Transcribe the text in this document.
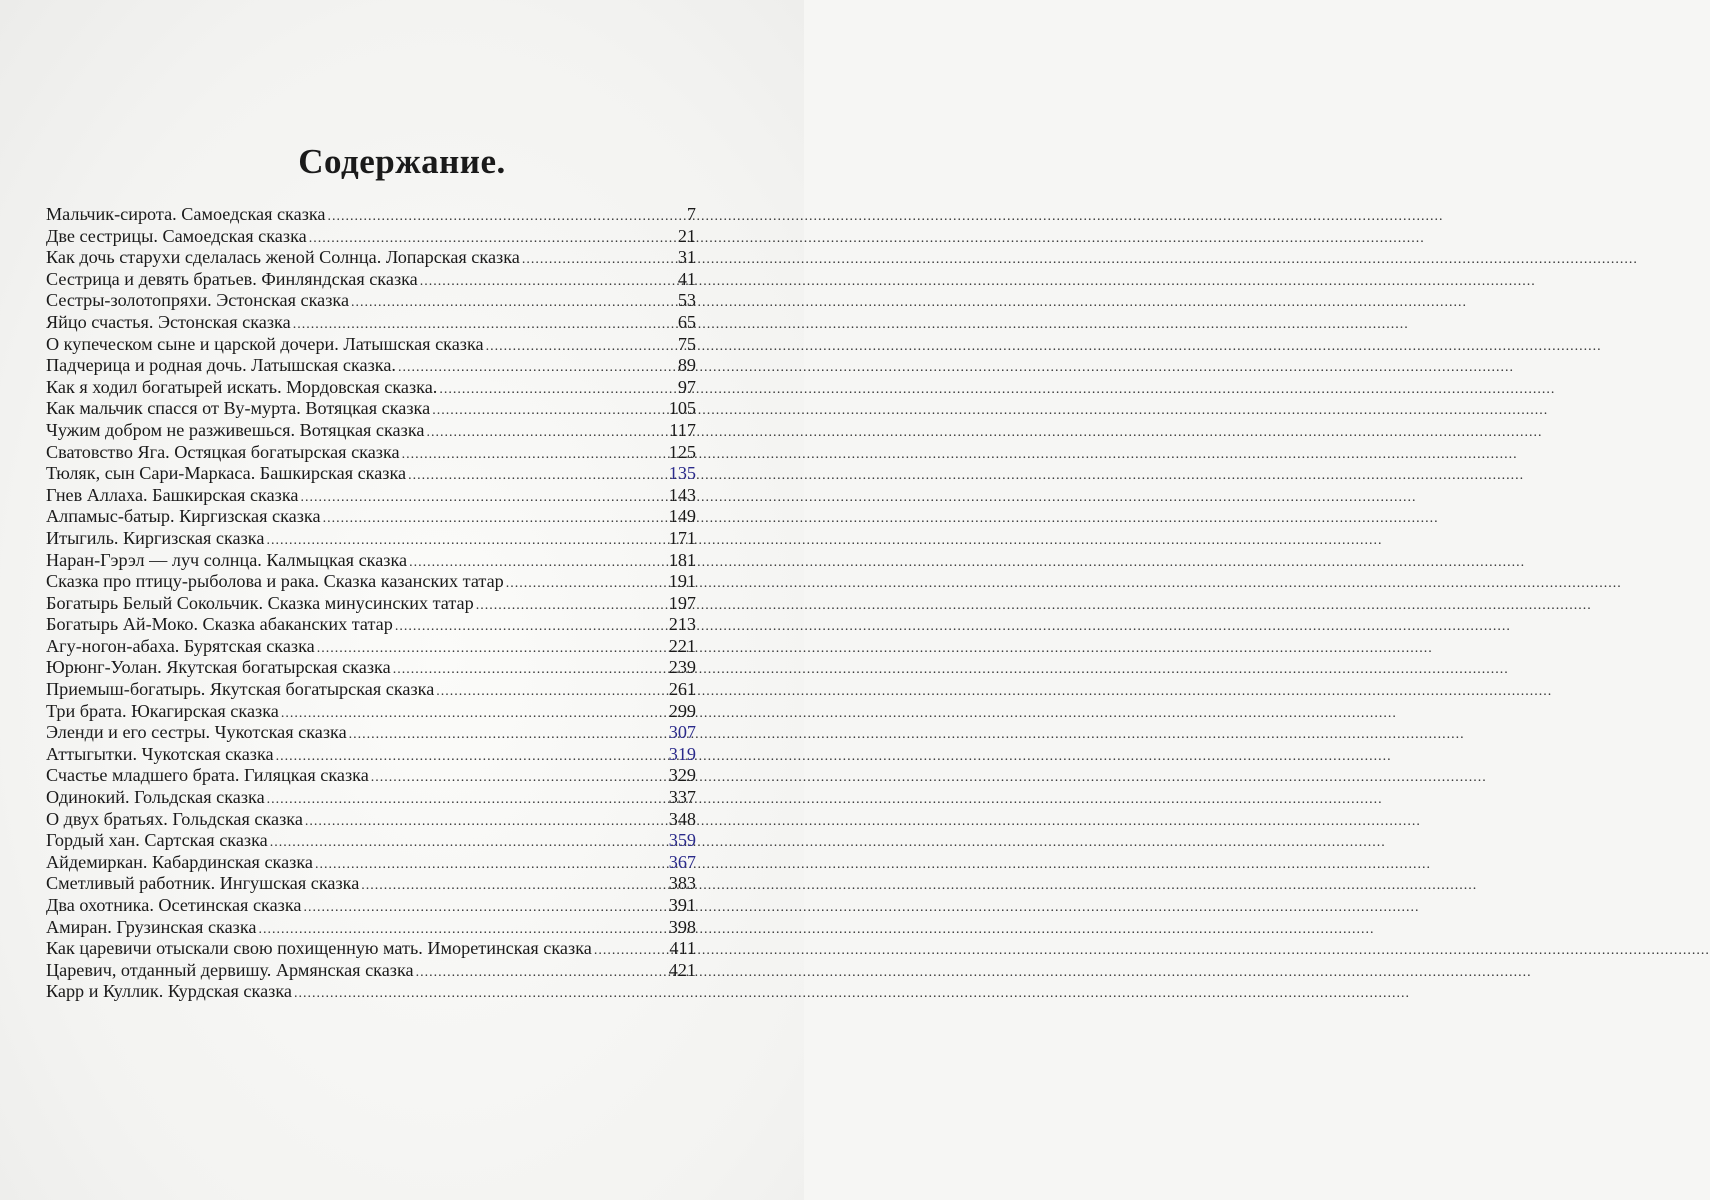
Содержание.
Мальчик-сирота. Самоедская сказка .....	7
Две сестрицы. Самоедская сказка .....	21
Как дочь старухи сделалась женой Солнца. Лопарская сказка .....	31
Сестрица и девять братьев. Финляндская сказка .....	41
Сестры-золотопряхи. Эстонская сказка .....	53
Яйцо счастья. Эстонская сказка .....	65
О купеческом сыне и царской дочери. Латышская сказка .....	75
Падчерица и родная дочь. Латышская сказка. .....	89
Как я ходил богатырей искать. Мордовская сказка. .....	97
Как мальчик спасся от Ву-мурта. Вотяцкая сказка .....	105
Чужим добром не разживешься. Вотяцкая сказка .....	117
Сватовство Яга. Остяцкая богатырская сказка .....	125
Тюляк, сын Сари-Маркаса. Башкирская сказка .....	135
Гнев Аллаха. Башкирская сказка .....	143
Алпамыс-батыр. Киргизская сказка .....	149
Итыгиль. Киргизская сказка .....	171
Наран-Гэрэл — луч солнца. Калмыцкая сказка .....	181
Сказка про птицу-рыболова и рака. Сказка казанских татар .....	191
Богатырь Белый Сокольчик. Сказка минусинских татар .....	197
Богатырь Ай-Моко. Сказка абаканских татар .....	213
Агу-ногон-абаха. Бурятская сказка .....	221
Юрюнг-Уолан. Якутская богатырская сказка .....	239
Приемыш-богатырь. Якутская богатырская сказка .....	261
Три брата. Юкагирская сказка .....	299
Эленди и его сестры. Чукотская сказка .....	307
Аттыгытки. Чукотская сказка .....	319
Счастье младшего брата. Гиляцкая сказка .....	329
Одинокий. Гольдская сказка .....	337
О двух братьях. Гольдская сказка .....	348
Гордый хан. Сартская сказка .....	359
Айдемиркан. Кабардинская сказка .....	367
Сметливый работник. Ингушская сказка .....	383
Два охотника. Осетинская сказка .....	391
Амиран. Грузинская сказка .....	398
Как царевичи отыскали свою похищенную мать. Иморетинская сказка .....	411
Царевич, отданный дервишу. Армянская сказка .....	421
Карр и Куллик. Курдская сказка
.....
